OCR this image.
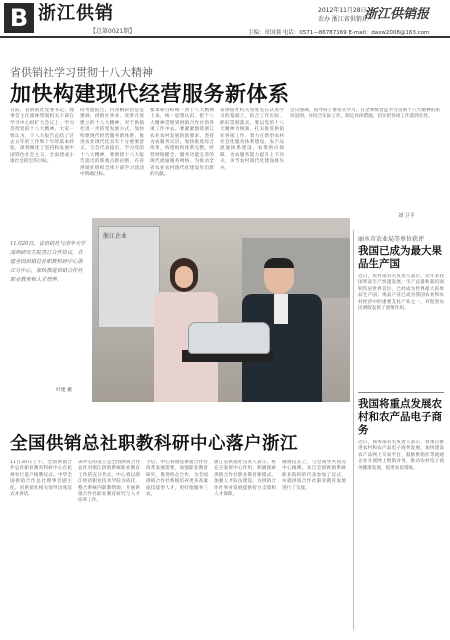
B 浙江供销
【总第0021期】
2012年11月28日
农办 浙江省供销社
浙江供销报
主编：章国强 电话：0571—86787169 E-mail：daxw2008@163.com
省供销社学习贯彻十八大精神
加快构建现代经营服务新体系
日前，省供销社党委书记、理事会主任邵林带领机关干部在学习中心组扩大会议上，学习贯彻党的十八大精神。大家一致认为，十八大报告总结了过去五年的工作和十年的基本经验，深刻阐述了坚持和发展中国特色社会主义，全面建成小康社会的宏伟目标。
持考虑报告，内容精彩但是是强调，供销社事业，改革开放建立的十八大精神，对于供销社进一步转变发展方式，加快构建现代经营服务新体系，推进农业现代化具有十分重要意义。与会代表提出，学习党的十八大精神，要围绕十八大报告提出的新观点新论断，在省供销社组织全体干部学习活动中明确目标。
要求和目标统一到十八大精神上来，统一思想认识，把十八大精神贯彻到供销合作社的各项工作中去。要紧紧围绕浙江农业农村发展的新要求，坚持为农服务宗旨，加快推进综合改革，构建组织体系完整、经营网络健全、服务功能完善的现代流通服务网络，为推动全省农业农村现代化建设作出新的贡献。
省供销社机关各处室在认真学习的基础上，结合工作实际，抓好贯彻落实。要以党的十八大精神为统领，扎实推进供销社各项工作，着力在新型农村社会化服务体系建设、农产品流通体系建设、农资供应保障、为农服务能力提升上下功夫，争当农村现代化建设排头兵。
会议强调，领导班子要带头学习，在全系统营造学习贯彻十八大精神的浓厚氛围，并结合实际工作，制定具体措施，切实把各项工作落到实处。
刘 卫平
11月20日，省供销社与清华大学深圳研究生院签订合作协议，共建全国供销总社职教科研中心浙江分中心，加快推进供销合作社职业教育和人才培养。
浙江企业
叶建 摄
丽水市农业局等单位获评
我国已成为最大果品生产国
近日，农业部有关负责人表示，近年来我国果品生产快速发展，生产总量和栽培面积均居世界首位，已经成为世界最大的果品生产国。果品产业已成为我国农业和农村经济中的重要支柱产业之一，对促进农民增收发挥了重要作用。
我国将重点发展农村和农产品电子商务
近日，商务部有关负责人表示，将重点推进农村和农产品电子商务发展，加快建设农产品网上交易平台，鼓励供销社等流通企业开展网上购销业务，推动农村电子商务健康发展，促进农民增收。
全国供销总社职教科研中心落户浙江
11月20日上午，全国供销合作总社职业教育科研中心在杭州举行落户揭牌仪式。中华全国供销合作总社理事会副主任、省供销社相关领导出席仪式并讲话。
该中心的设立是全国供销合作总社对浙江供销系统职业教育工作的充分肯定。中心将以浙江经济职业技术学院为依托，整合系统内职教资源，开展供销合作社职业教育研究与人才培养工作。
今后，中心将围绕供销合作社改革发展需要，加强职业教育研究，推进校企合作，为全国供销合作社系统培养更多高素质技能型人才，更好地服务三农。
浙江省供销社负责人表示，将充分发挥中心作用，积极探索供销合作社职业教育新模式，加强人才队伍建设，为供销合作社事业发展提供智力支撑和人才保障。
揭牌仪式上，与会领导共同为中心揭牌。来自全国供销系统职业院校的代表参加了仪式，并就供销合作社职业教育发展进行了交流。
